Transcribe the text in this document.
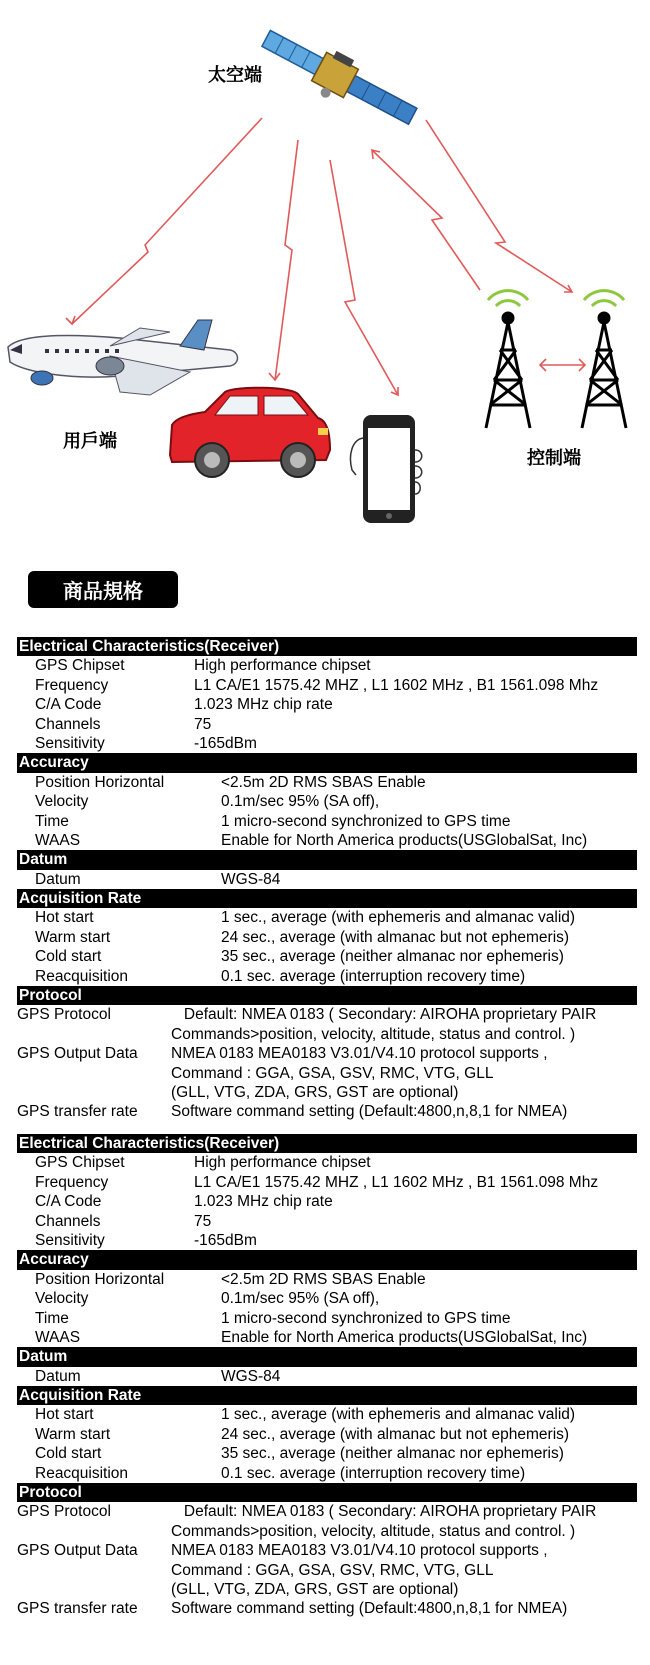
太空端
用戶端
控制端
商品規格
Electrical Characteristics(Receiver)
GPS Chipset	High performance chipset
Frequency	L1 CA/E1 1575.42 MHZ , L1 1602 MHz , B1 1561.098 Mhz
C/A Code	1.023 MHz chip rate
Channels	75
Sensitivity	-165dBm
Accuracy
Position Horizontal	<2.5m 2D RMS SBAS Enable
Velocity	0.1m/sec 95% (SA off),
Time	1 micro-second synchronized to GPS time
WAAS	Enable for North America products(USGlobalSat, Inc)
Datum
Datum	WGS-84
Acquisition Rate
Hot start	1 sec., average (with ephemeris and almanac valid)
Warm start	24 sec., average (with almanac but not ephemeris)
Cold start	35 sec., average (neither almanac nor ephemeris)
Reacquisition	0.1 sec. average (interruption recovery time)
Protocol
GPS Protocol	Default: NMEA 0183 ( Secondary: AIROHA proprietary PAIR
Commands>position, velocity, altitude, status and control. )
GPS Output Data	NMEA 0183 MEA0183 V3.01/V4.10 protocol supports ,
Command : GGA, GSA, GSV, RMC, VTG, GLL
(GLL, VTG, ZDA, GRS, GST are optional)
GPS transfer rate	Software command setting (Default:4800,n,8,1 for NMEA)
Electrical Characteristics(Receiver)
GPS Chipset	High performance chipset
Frequency	L1 CA/E1 1575.42 MHZ , L1 1602 MHz , B1 1561.098 Mhz
C/A Code	1.023 MHz chip rate
Channels	75
Sensitivity	-165dBm
Accuracy
Position Horizontal	<2.5m 2D RMS SBAS Enable
Velocity	0.1m/sec 95% (SA off),
Time	1 micro-second synchronized to GPS time
WAAS	Enable for North America products(USGlobalSat, Inc)
Datum
Datum	WGS-84
Acquisition Rate
Hot start	1 sec., average (with ephemeris and almanac valid)
Warm start	24 sec., average (with almanac but not ephemeris)
Cold start	35 sec., average (neither almanac nor ephemeris)
Reacquisition	0.1 sec. average (interruption recovery time)
Protocol
GPS Protocol	Default: NMEA 0183 ( Secondary: AIROHA proprietary PAIR
Commands>position, velocity, altitude, status and control. )
GPS Output Data	NMEA 0183 MEA0183 V3.01/V4.10 protocol supports ,
Command : GGA, GSA, GSV, RMC, VTG, GLL
(GLL, VTG, ZDA, GRS, GST are optional)
GPS transfer rate	Software command setting (Default:4800,n,8,1 for NMEA)
